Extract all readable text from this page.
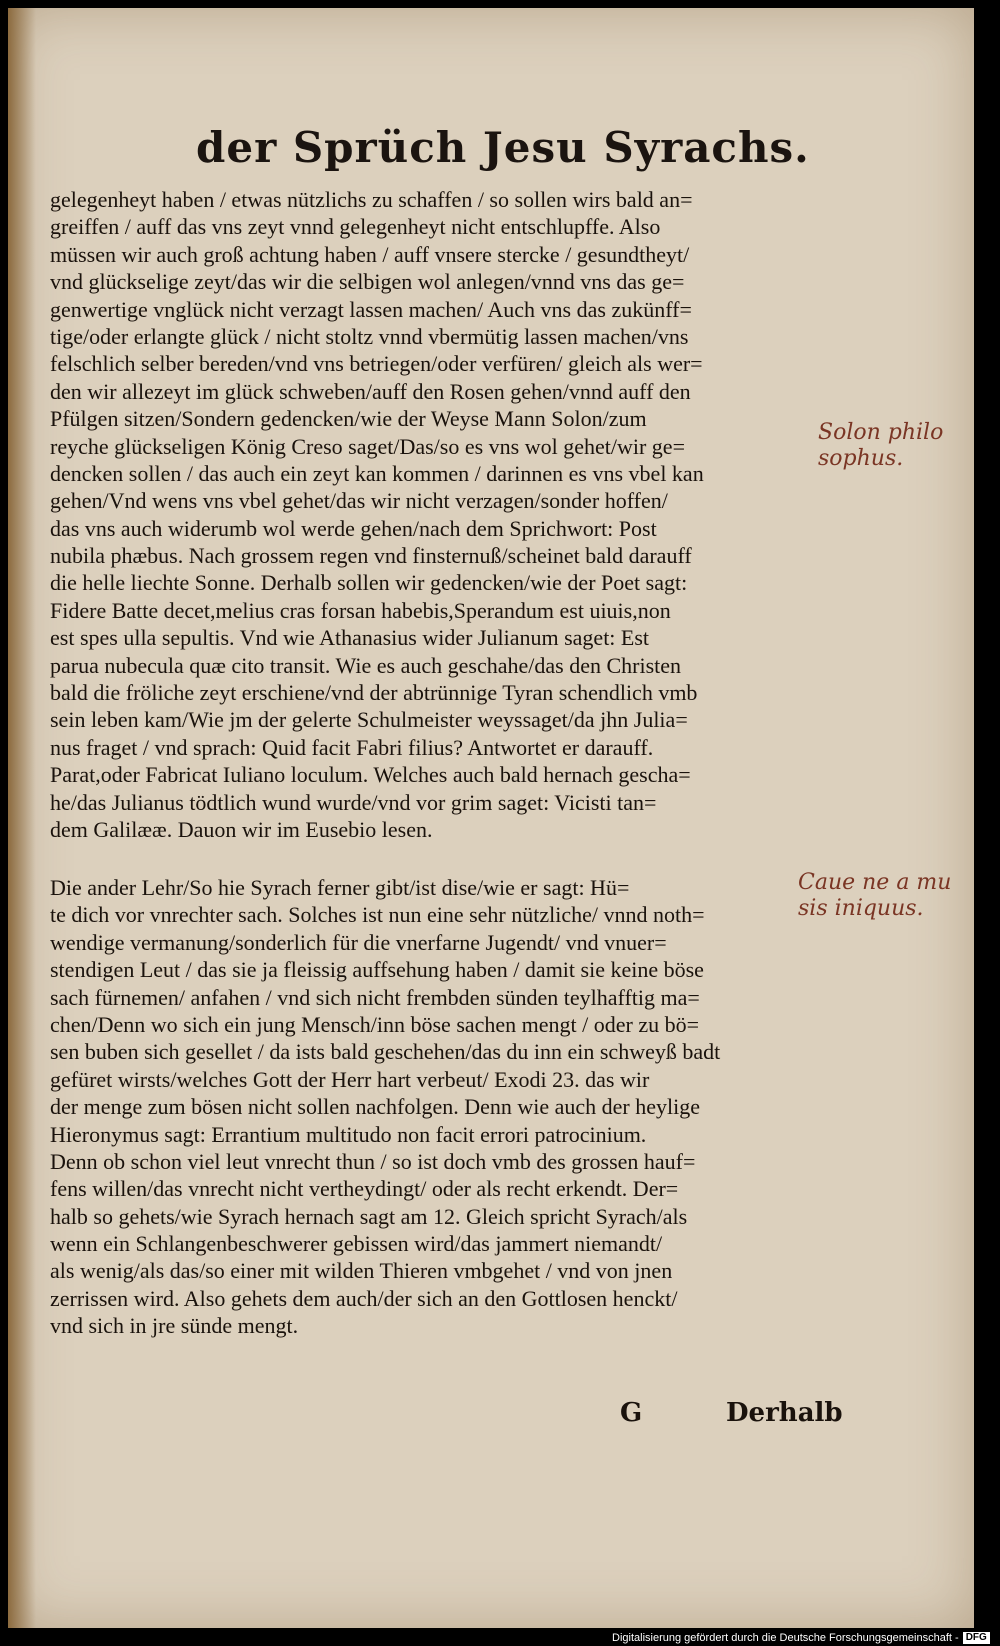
der Sprüch Jesu Syrachs.
gelegenheyt haben / etwas nützlichs zu schaffen / so sollen wirs bald an=
greiffen / auff das vns zeyt vnnd gelegenheyt nicht entschlupffe. Also
müssen wir auch groß achtung haben / auff vnsere stercke / gesundtheyt/
vnd glückselige zeyt/das wir die selbigen wol anlegen/vnnd vns das ge=
genwertige vnglück nicht verzagt lassen machen/ Auch vns das zukünff=
tige/oder erlangte glück / nicht stoltz vnnd vbermütig lassen machen/vns
felschlich selber bereden/vnd vns betriegen/oder verfüren/ gleich als wer=
den wir allezeyt im glück schweben/auff den Rosen gehen/vnnd auff den
Pfülgen sitzen/Sondern gedencken/wie der Weyse Mann Solon/zum
reyche glückseligen König Creso saget/Das/so es vns wol gehet/wir ge=
dencken sollen / das auch ein zeyt kan kommen / darinnen es vns vbel kan
gehen/Vnd wens vns vbel gehet/das wir nicht verzagen/sonder hoffen/
das vns auch widerumb wol werde gehen/nach dem Sprichwort: Post
nubila phæbus. Nach grossem regen vnd finsternuß/scheinet bald darauff
die helle liechte Sonne. Derhalb sollen wir gedencken/wie der Poet sagt:
Fidere Batte decet,melius cras forsan habebis,Sperandum est uiuis,non
est spes ulla sepultis. Vnd wie Athanasius wider Julianum saget: Est
parua nubecula quæ cito transit. Wie es auch geschahe/das den Christen
bald die fröliche zeyt erschiene/vnd der abtrünnige Tyran schendlich vmb
sein leben kam/Wie jm der gelerte Schulmeister weyssaget/da jhn Julia=
nus fraget / vnd sprach: Quid facit Fabri filius? Antwortet er darauff.
Parat,oder Fabricat Iuliano loculum. Welches auch bald hernach gescha=
he/das Julianus tödtlich wund wurde/vnd vor grim saget: Vicisti tan=
dem Galilææ. Dauon wir im Eusebio lesen.
Die ander Lehr/So hie Syrach ferner gibt/ist dise/wie er sagt: Hü=
te dich vor vnrechter sach. Solches ist nun eine sehr nützliche/ vnnd noth=
wendige vermanung/sonderlich für die vnerfarne Jugendt/ vnd vnuer=
stendigen Leut / das sie ja fleissig auffsehung haben / damit sie keine böse
sach fürnemen/ anfahen / vnd sich nicht frembden sünden teylhafftig ma=
chen/Denn wo sich ein jung Mensch/inn böse sachen mengt / oder zu bö=
sen buben sich gesellet / da ists bald geschehen/das du inn ein schweyß badt
gefüret wirsts/welches Gott der Herr hart verbeut/ Exodi 23. das wir
der menge zum bösen nicht sollen nachfolgen. Denn wie auch der heylige
Hieronymus sagt: Errantium multitudo non facit errori patrocinium.
Denn ob schon viel leut vnrecht thun / so ist doch vmb des grossen hauf=
fens willen/das vnrecht nicht vertheydingt/ oder als recht erkendt. Der=
halb so gehets/wie Syrach hernach sagt am 12. Gleich spricht Syrach/als
wenn ein Schlangenbeschwerer gebissen wird/das jammert niemandt/
als wenig/als das/so einer mit wilden Thieren vmbgehet / vnd von jnen
zerrissen wird. Also gehets dem auch/der sich an den Gottlosen henckt/
vnd sich in jre sünde mengt.
Solon philo sophus.
Caue ne a mu sis iniquus.
G	Derhalb
Digitalisierung gefördert durch die Deutsche Forschungsgemeinschaft - DFG
